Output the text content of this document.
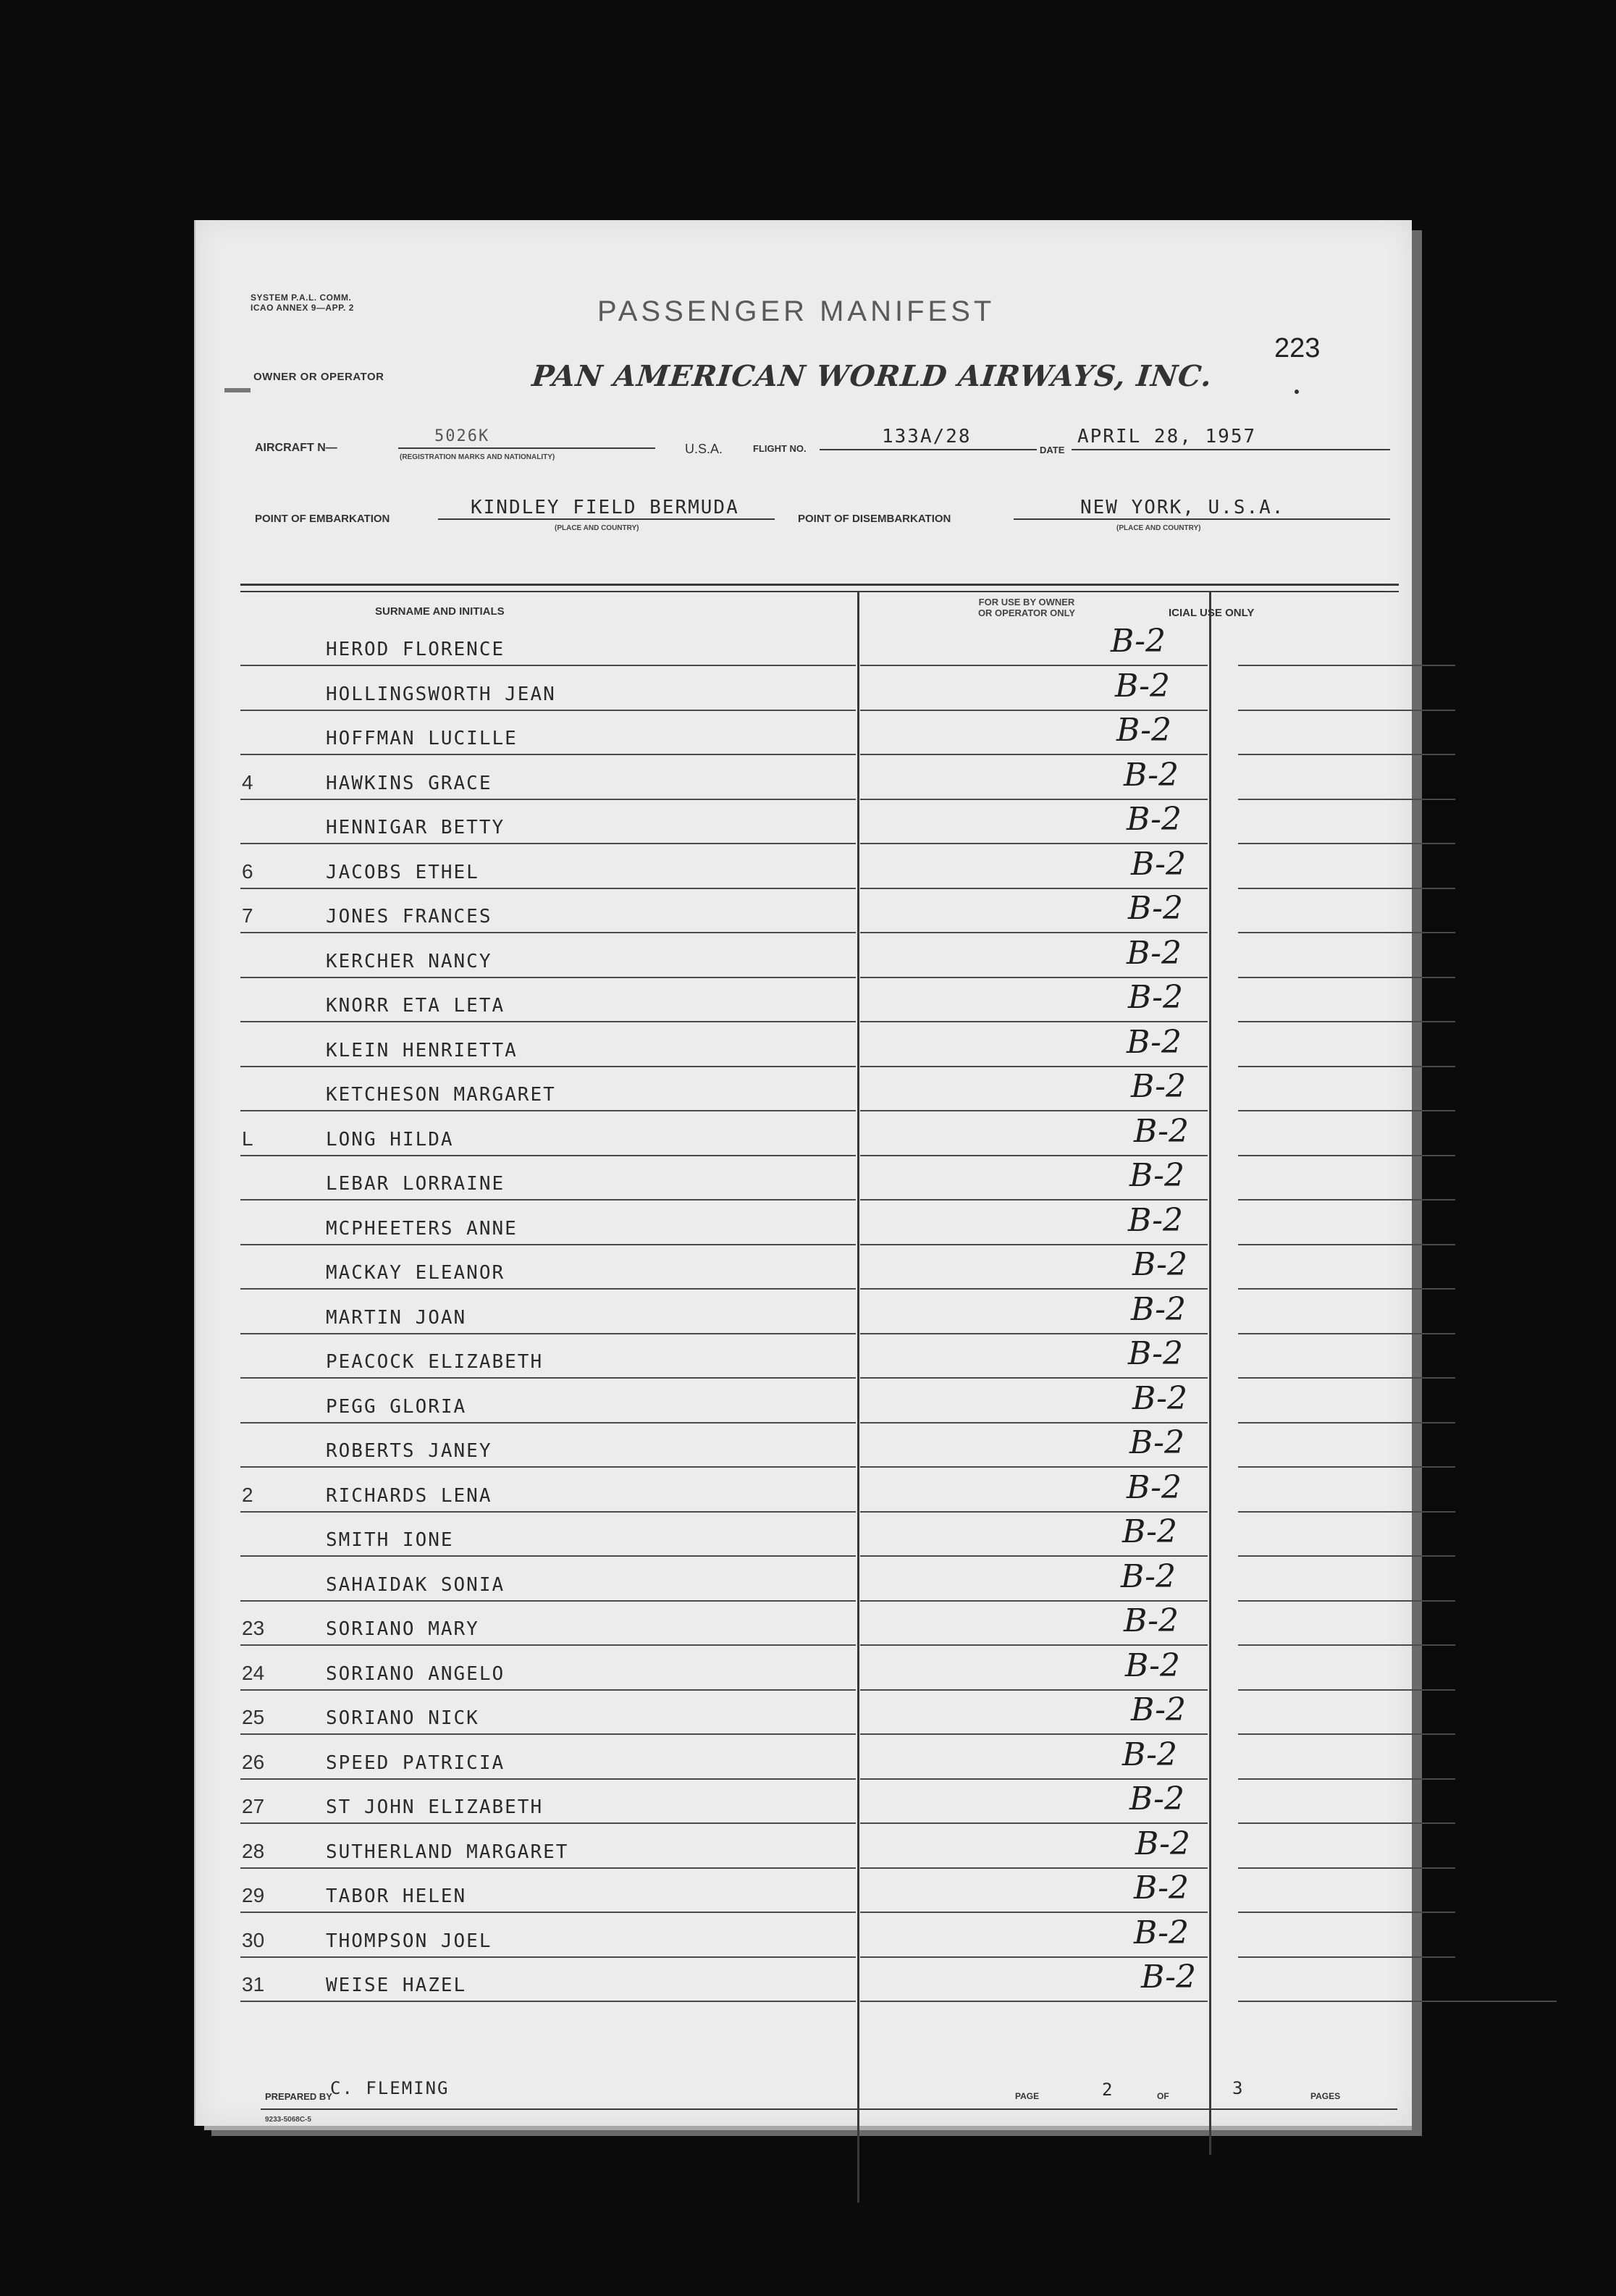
SYSTEM P.A.L. COMM.
ICAO ANNEX 9—APP. 2	PASSENGER MANIFEST
223
OWNER OR OPERATOR	PAN AMERICAN WORLD AIRWAYS, INC.
AIRCRAFT N—
5026K
(REGISTRATION MARKS AND NATIONALITY)
U.S.A.	FLIGHT NO.
133A/28
DATE
APRIL 28, 1957
POINT OF EMBARKATION
KINDLEY FIELD BERMUDA
(PLACE AND COUNTRY)
POINT OF DISEMBARKATION
NEW YORK, U.S.A.
(PLACE AND COUNTRY)
SURNAME AND INITIALS
FOR USE BY OWNER
OR OPERATOR ONLY	ICIAL USE ONLY
HEROD FLORENCE	B-2
HOLLINGSWORTH JEAN	B-2
HOFFMAN LUCILLE	B-2
4	HAWKINS GRACE	B-2
HENNIGAR BETTY	B-2
6	JACOBS ETHEL	B-2
7	JONES FRANCES	B-2
KERCHER NANCY	B-2
KNORR ETA LETA	B-2
KLEIN HENRIETTA	B-2
KETCHESON MARGARET	B-2
L	LONG HILDA	B-2
LEBAR LORRAINE	B-2
MCPHEETERS ANNE	B-2
MACKAY ELEANOR	B-2
MARTIN JOAN	B-2
PEACOCK ELIZABETH	B-2
PEGG GLORIA	B-2
ROBERTS JANEY	B-2
2	RICHARDS LENA	B-2
SMITH IONE	B-2
SAHAIDAK SONIA	B-2
23	SORIANO MARY	B-2
24	SORIANO ANGELO	B-2
25	SORIANO NICK	B-2
26	SPEED PATRICIA	B-2
27	ST JOHN ELIZABETH	B-2
28	SUTHERLAND MARGARET	B-2
29	TABOR HELEN	B-2
30	THOMPSON JOEL	B-2
31	WEISE HAZEL	B-2
PREPARED BY
C. FLEMING
9233-5068C-5
PAGE	2	OF	3	PAGES
